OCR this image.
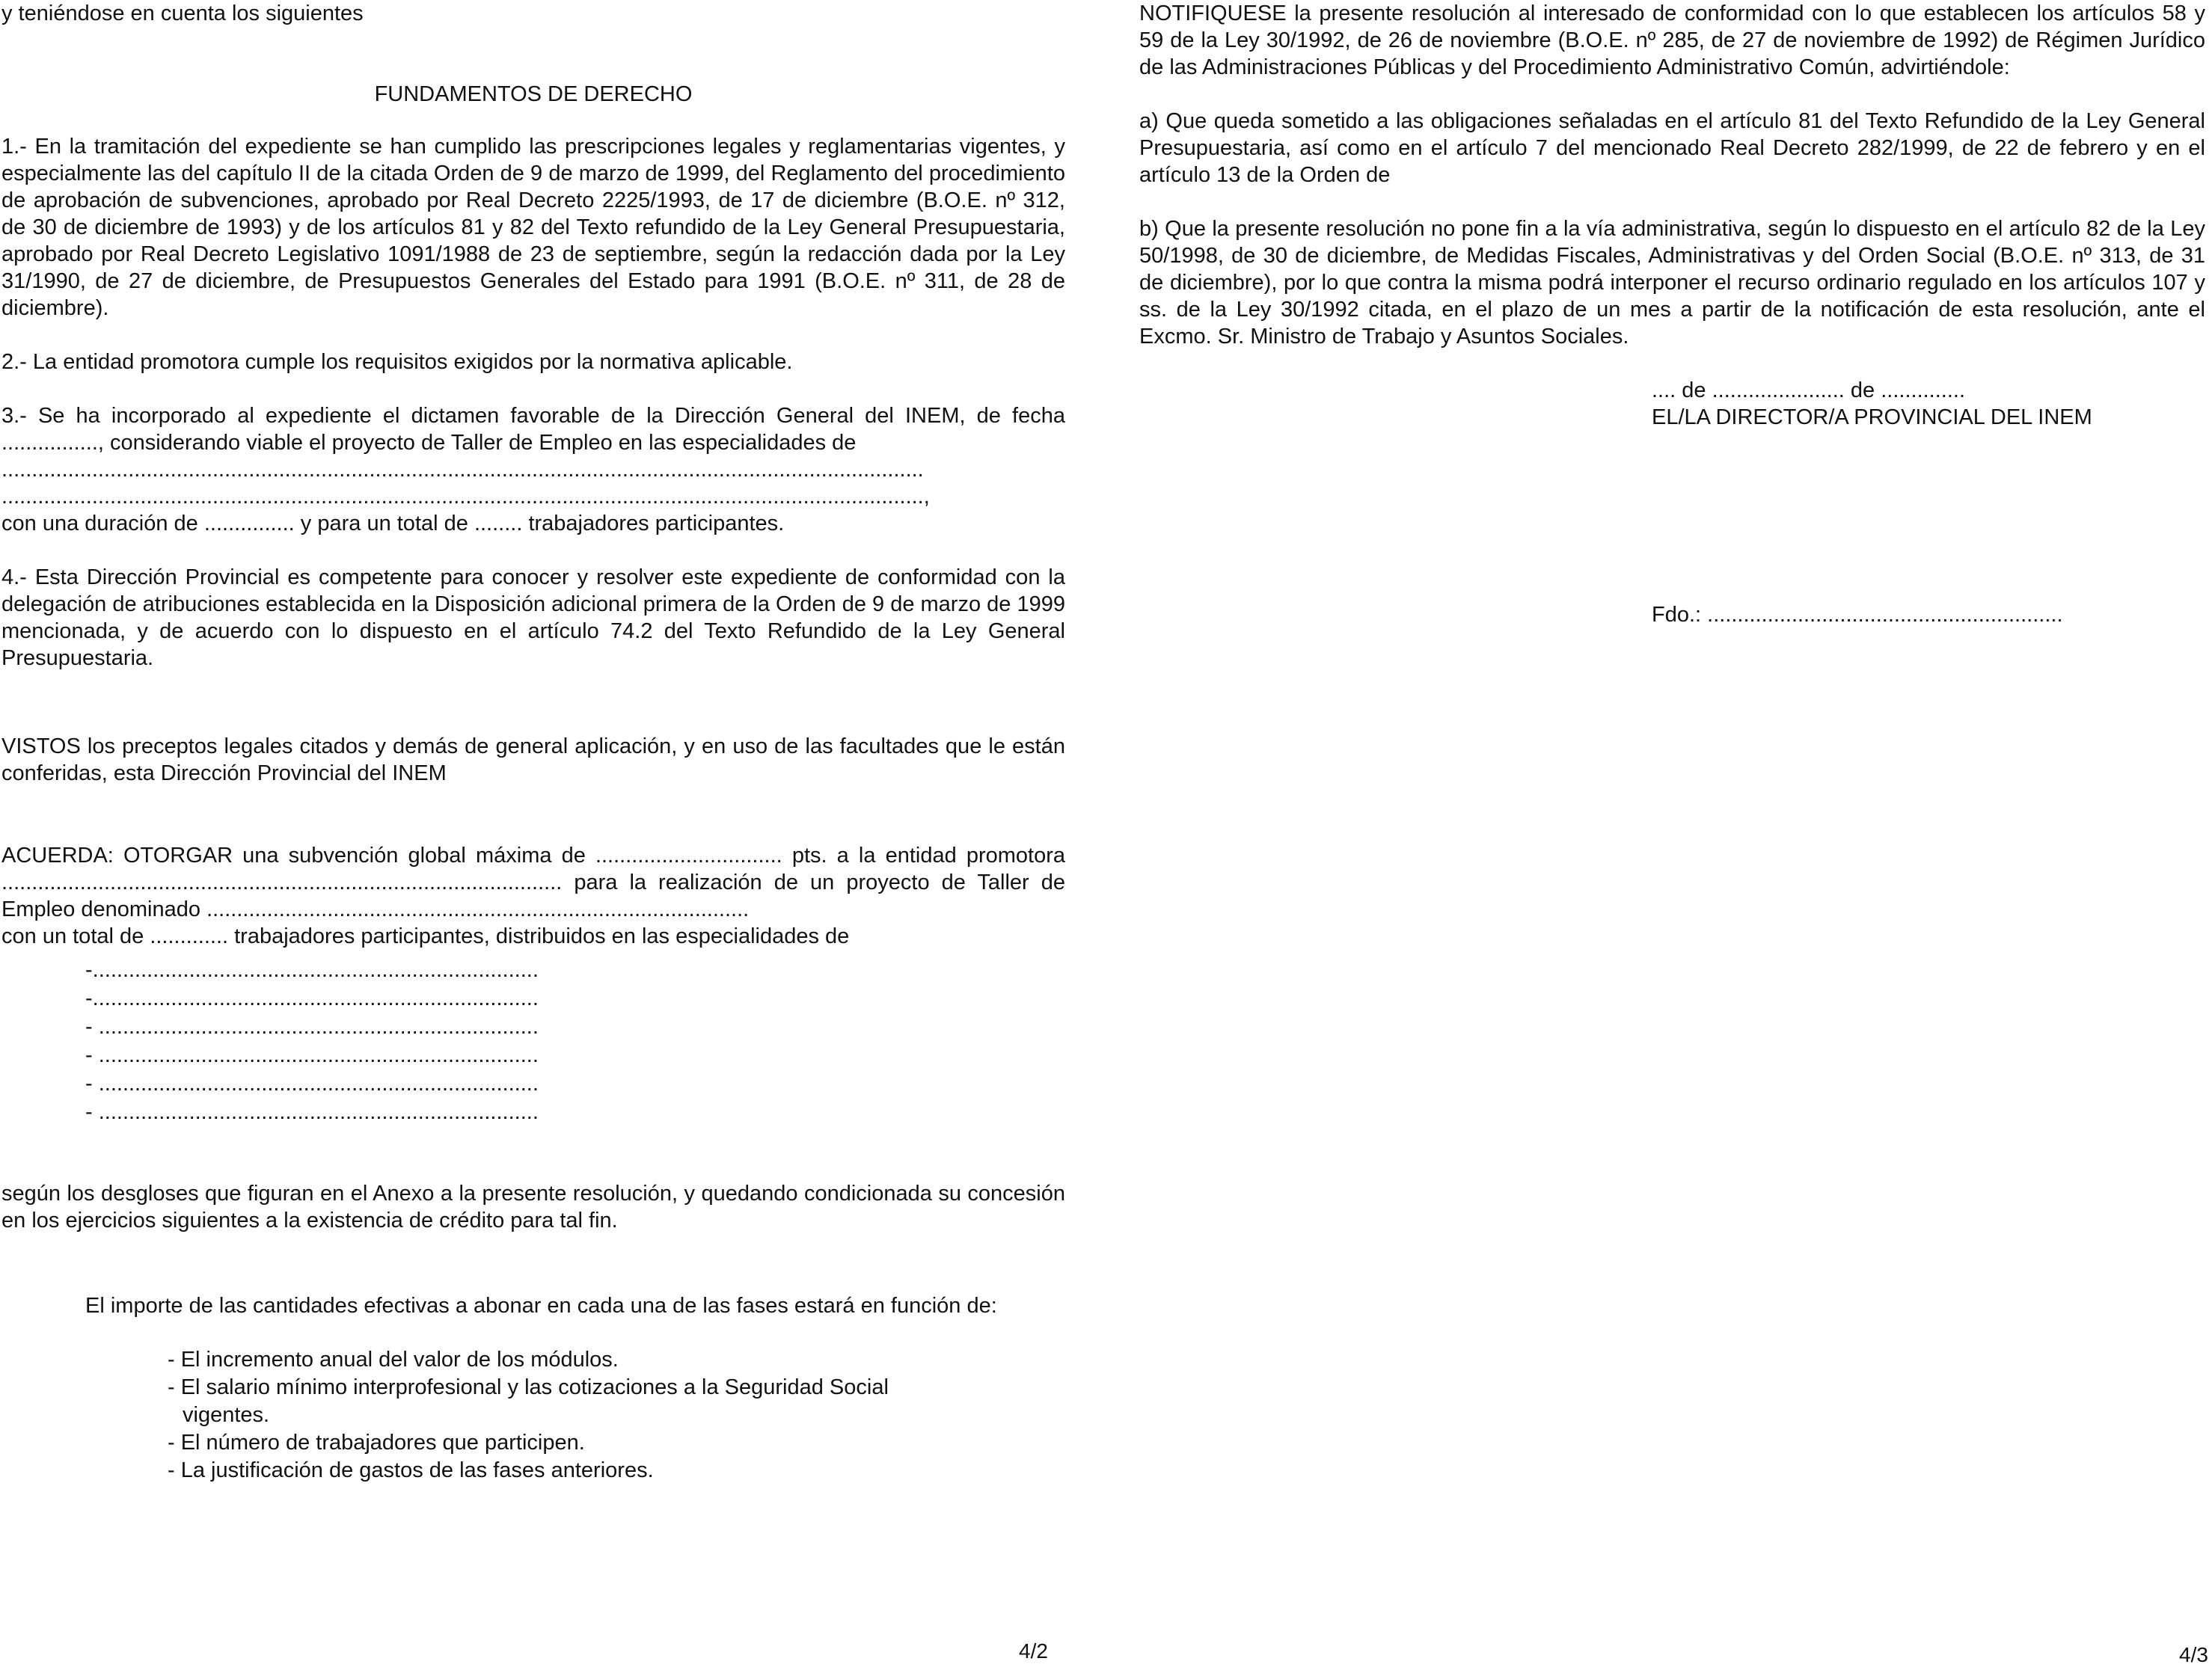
y teniéndose en cuenta los siguientes

FUNDAMENTOS DE DERECHO

1.- En la tramitación del expediente se han cumplido las prescripciones legales y reglamentarias vigentes, y especialmente las del capítulo II de la citada Orden de 9 de marzo de 1999, del Reglamento del procedimiento de aprobación de subvenciones, aprobado por Real Decreto 2225/1993, de 17 de diciembre (B.O.E. nº 312, de 30 de diciembre de 1993) y de los artículos 81 y 82 del Texto refundido de la Ley General Presupuestaria, aprobado por Real Decreto Legislativo 1091/1988 de 23 de septiembre, según la redacción dada por la Ley 31/1990, de 27 de diciembre, de Presupuestos Generales del Estado para 1991 (B.O.E. nº 311, de 28 de diciembre).

2.- La entidad promotora cumple los requisitos exigidos por la normativa aplicable.

3.- Se ha incorporado al expediente el dictamen favorable de la Dirección General del INEM, de fecha ................, considerando viable el proyecto de Taller de Empleo en las especialidades de

.........................................................................................................................................................

.........................................................................................................................................................,

con una duración de ............... y para un total de ........ trabajadores participantes.

4.- Esta Dirección Provincial es competente para conocer y resolver este expediente de conformidad con la delegación de atribuciones establecida en la Disposición adicional primera de la Orden de 9 de marzo de 1999 mencionada, y de acuerdo con lo dispuesto en el artículo 74.2 del Texto Refundido de la Ley General Presupuestaria.

VISTOS los preceptos legales citados y demás de general aplicación, y en uso de las facultades que le están conferidas, esta Dirección Provincial del INEM

ACUERDA: OTORGAR una subvención global máxima de ............................... pts. a la entidad promotora ............................................................................................. para la realización de un proyecto de Taller de Empleo denominado ..........................................................................................

con un total de ............. trabajadores participantes, distribuidos en las especialidades de

-..........................................................................
-..........................................................................
- .........................................................................
- .........................................................................
- .........................................................................
- .........................................................................

según los desgloses que figuran en el Anexo a la presente resolución, y quedando condicionada su concesión en los ejercicios siguientes a la existencia de crédito para tal fin.

El importe de las cantidades efectivas a abonar en cada una de las fases estará en función de:

- El incremento anual del valor de los módulos.
- El salario mínimo interprofesional y las cotizaciones a la Seguridad Social
vigentes.
- El número de trabajadores que participen.
- La justificación de gastos de las fases anteriores.

NOTIFIQUESE la presente resolución al interesado de conformidad con lo que establecen los artículos 58 y 59 de la Ley 30/1992, de 26 de noviembre (B.O.E. nº 285, de 27 de noviembre de 1992) de Régimen Jurídico de las Administraciones Públicas y del Procedimiento Administrativo Común, advirtiéndole:

a) Que queda sometido a las obligaciones señaladas en el artículo 81 del Texto Refundido de la Ley General Presupuestaria, así como en el artículo 7 del mencionado Real Decreto 282/1999, de 22 de febrero y en el artículo 13 de la Orden de

b) Que la presente resolución no pone fin a la vía administrativa, según lo dispuesto en el artículo 82 de la Ley 50/1998, de 30 de diciembre, de Medidas Fiscales, Administrativas y del Orden Social (B.O.E. nº 313, de 31 de diciembre), por lo que contra la misma podrá interponer el recurso ordinario regulado en los artículos 107 y ss. de la Ley 30/1992 citada, en el plazo de un mes a partir de la notificación de esta resolución, ante el Excmo. Sr. Ministro de Trabajo y Asuntos Sociales.

.... de ...................... de ..............
EL/LA DIRECTOR/A PROVINCIAL DEL INEM
Fdo.: ...........................................................
4/2	4/3
